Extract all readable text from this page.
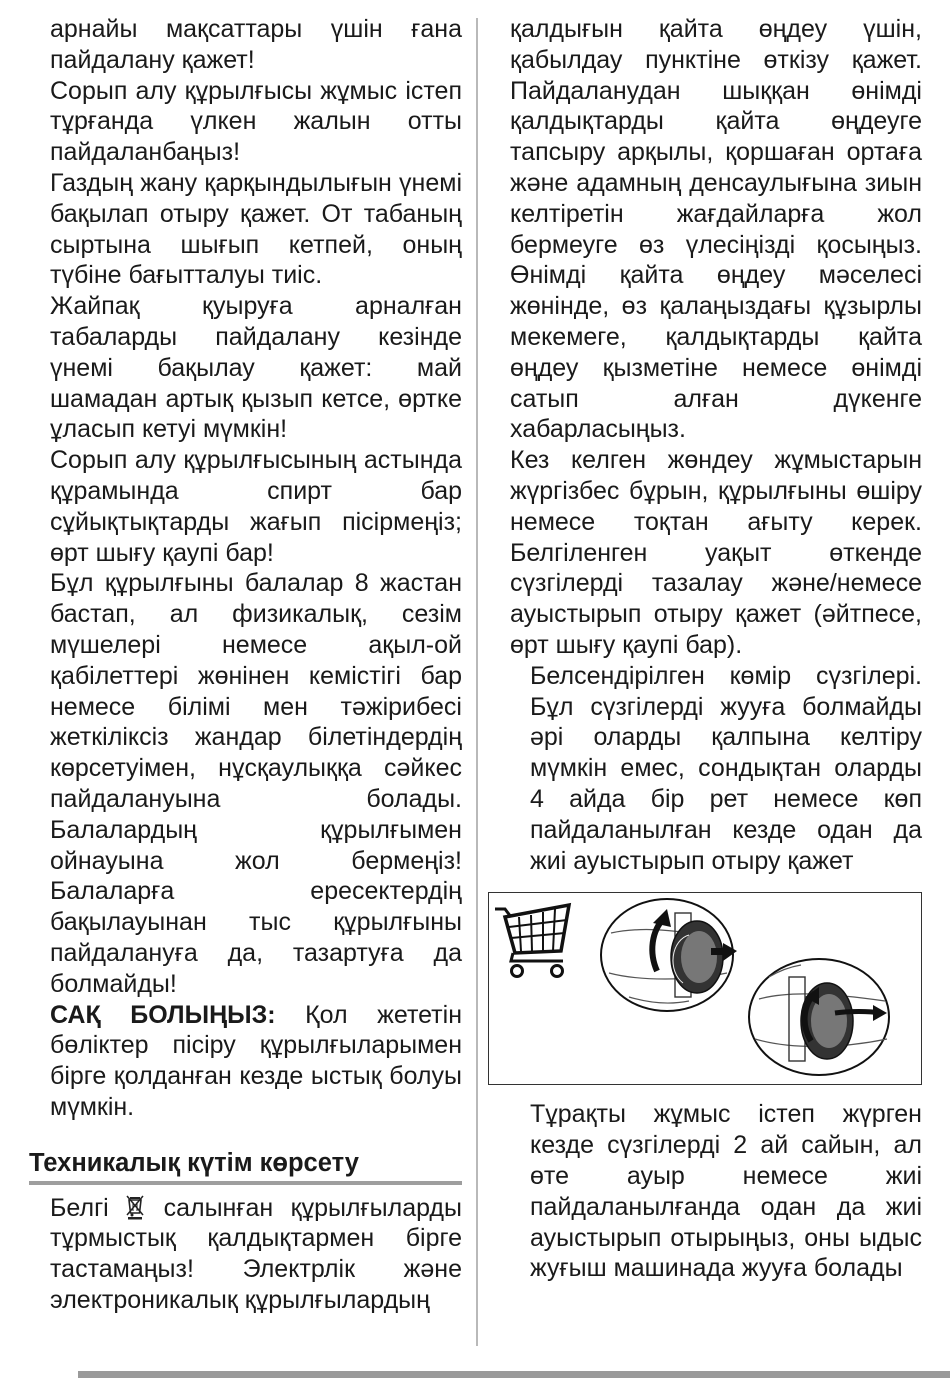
арнайы мақсаттары үшін ғана пайдалану қажет!

Сорып алу құрылғысы жұмыс істеп тұрғанда үлкен жалын отты пайдаланбаңыз!

Газдың жану қарқындылығын үнемі бақылап отыру қажет. От табаның сыртына шығып кетпей, оның түбіне бағытталуы тиіс.

Жайпақ қуыруға арналған табаларды пайдалану кезінде үнемі бақылау қажет: май шамадан артық қызып кетсе, өртке ұласып кетуі мүмкін!

Сорып алу құрылғысының астында құрамында спирт бар сұйықтықтарды жағып пісірмеңіз; өрт шығу қаупі бар!

Бұл құрылғыны балалар 8 жастан бастап, ал физикалық, сезім мүшелері немесе ақыл-ой қабілеттері жөнінен кемістігі бар немесе білімі мен тәжірибесі жеткіліксіз жандар білетіндердің көрсетуімен, нұсқаулыққа сәйкес пайдалануына болады. Балалардың құрылғымен ойнауына жол бермеңіз! Балаларға ересектердің бақылауынан тыс құрылғыны пайдалануға да, тазартуға да болмайды!

САҚ БОЛЫҢЫЗ: Қол жететін бөліктер пісіру құрылғыларымен бірге қолданған кезде ыстық болуы мүмкін.

Техникалық күтім көрсету

Белгі  салынған құрылғыларды тұрмыстық қалдықтармен бірге тастамаңыз! Электрлік және электроникалық құрылғылардың

қалдығын қайта өңдеу үшін, қабылдау пунктіне өткізу қажет. Пайдаланудан шыққан өнімді қалдықтарды қайта өңдеуге тапсыру арқылы, қоршаған ортаға және адамның денсаулығына зиын келтіретін жағдайларға жол бермеуге өз үлесіңізді қосыңыз. Өнімді қайта өңдеу мәселесі жөнінде, өз қалаңыздағы құзырлы мекемеге, қалдықтарды қайта өңдеу қызметіне немесе өнімді сатып алған дүкенге хабарласыңыз.

Кез келген жөндеу жұмыстарын жүргізбес бұрын, құрылғыны өшіру немесе тоқтан ағыту керек. Белгіленген уақыт өткенде сүзгілерді тазалау және/немесе ауыстырып отыру қажет (әйтпесе, өрт шығу қаупі бар).

Белсендірілген көмір сүзгілері. Бұл сүзгілерді жууға болмайды әрі оларды қалпына келтіру мүмкін емес, сондықтан оларды 4 айда бір рет немесе көп пайдаланылған кезде одан да жиі ауыстырып отыру қажет

Тұрақты жұмыс істеп жүрген кезде сүзгілерді 2 ай сайын, ал өте ауыр немесе жиі пайдаланылғанда одан да жиі ауыстырып отырыңыз, оны ыдыс жуғыш машинада жууға болады
